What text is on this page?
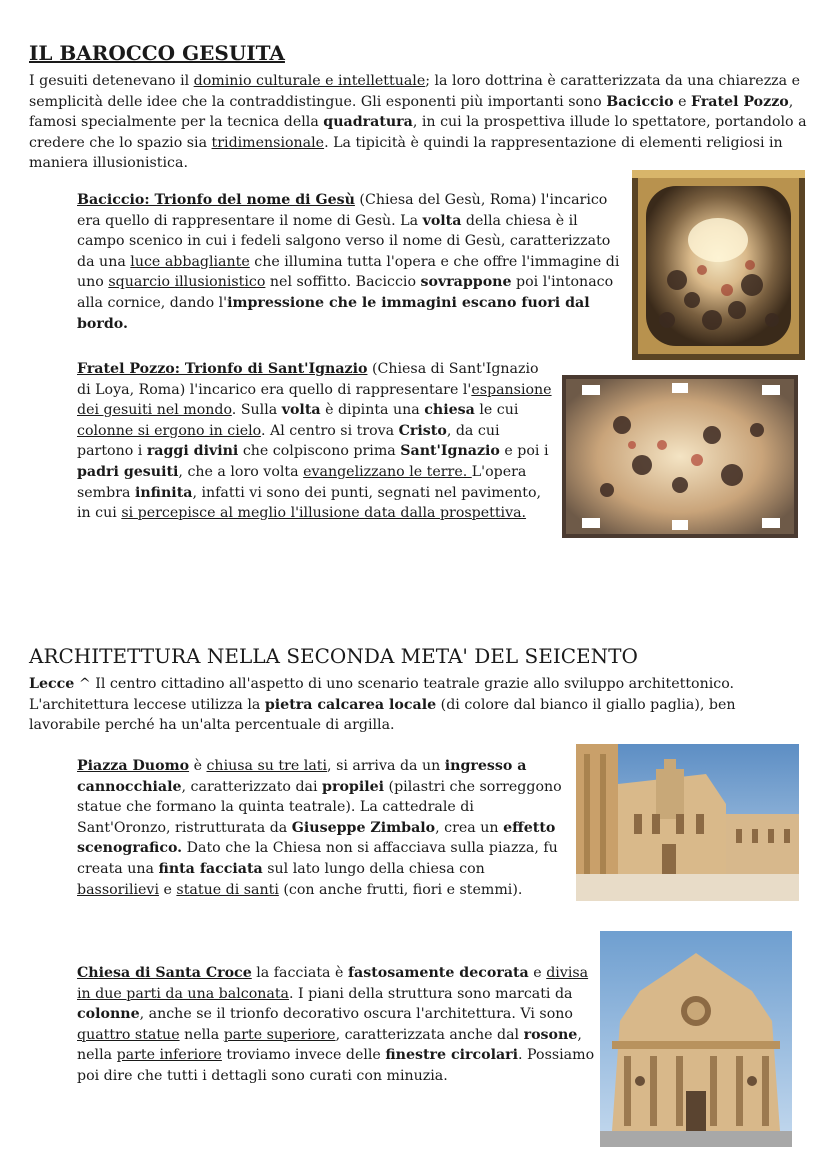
IL BAROCCO GESUITA

I gesuiti detenevano il dominio culturale e intellettuale; la loro dottrina è caratterizzata da una chiarezza e semplicità delle idee che la contraddistingue. Gli esponenti più importanti sono Baciccio e Fratel Pozzo, famosi specialmente per la tecnica della quadratura, in cui la prospettiva illude lo spettatore, portandolo a credere che lo spazio sia tridimensionale. La tipicità è quindi la rappresentazione di elementi religiosi in maniera illusionistica.

Baciccio: Trionfo del nome di Gesù (Chiesa del Gesù, Roma) l'incarico era quello di rappresentare il nome di Gesù. La volta della chiesa è il campo scenico in cui i fedeli salgono verso il nome di Gesù, caratterizzato da una luce abbagliante che illumina tutta l'opera e che offre l'immagine di uno squarcio illusionistico nel soffitto. Baciccio sovrappone poi l'intonaco alla cornice, dando l'impressione che le immagini escano fuori dal bordo.

Fratel Pozzo: Trionfo di Sant'Ignazio (Chiesa di Sant'Ignazio di Loya, Roma) l'incarico era quello di rappresentare l'espansione dei gesuiti nel mondo. Sulla volta è dipinta una chiesa le cui colonne si ergono in cielo. Al centro si trova Cristo, da cui partono i raggi divini che colpiscono prima Sant'Ignazio e poi i padri gesuiti, che a loro volta evangelizzano le terre. L'opera sembra infinita, infatti vi sono dei punti, segnati nel pavimento, in cui si percepisce al meglio l'illusione data dalla prospettiva.

ARCHITETTURA NELLA SECONDA META' DEL SEICENTO

Lecce ^ Il centro cittadino all'aspetto di uno scenario teatrale grazie allo sviluppo architettonico. L'architettura leccese utilizza la pietra calcarea locale (di colore dal bianco il giallo paglia), ben lavorabile perché ha un'alta percentuale di argilla.

Piazza Duomo è chiusa su tre lati, si arriva da un ingresso a cannocchiale, caratterizzato dai propilei (pilastri che sorreggono statue che formano la quinta teatrale). La cattedrale di Sant'Oronzo, ristrutturata da Giuseppe Zimbalo, crea un effetto scenografico. Dato che la Chiesa non si affacciava sulla piazza, fu creata una finta facciata sul lato lungo della chiesa con bassorilievi e statue di santi (con anche frutti, fiori e stemmi).

Chiesa di Santa Croce la facciata è fastosamente decorata e divisa in due parti da una balconata. I piani della struttura sono marcati da colonne, anche se il trionfo decorativo oscura l'architettura. Vi sono quattro statue nella parte superiore, caratterizzata anche dal rosone, nella parte inferiore troviamo invece delle finestre circolari. Possiamo poi dire che tutti i dettagli sono curati con minuzia.
